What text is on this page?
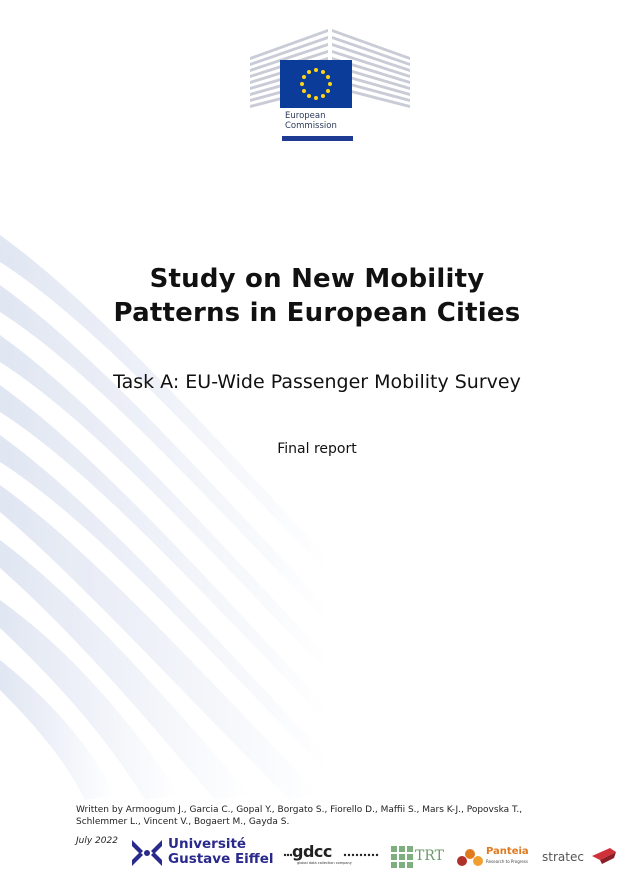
European
Commission
Study on New Mobility
Patterns in European Cities
Task A: EU-Wide Passenger Mobility Survey
Final report
Written by Armoogum J., Garcia C., Gopal Y., Borgato S., Fiorello D., Maffii S., Mars K-J., Popovska T., Schlemmer L., Vincent V., Bogaert M., Gayda S.
July 2022	Université
Gustave Eiffel gdcc
global data collection company	TRT	Panteia
Research to Progress stratec
